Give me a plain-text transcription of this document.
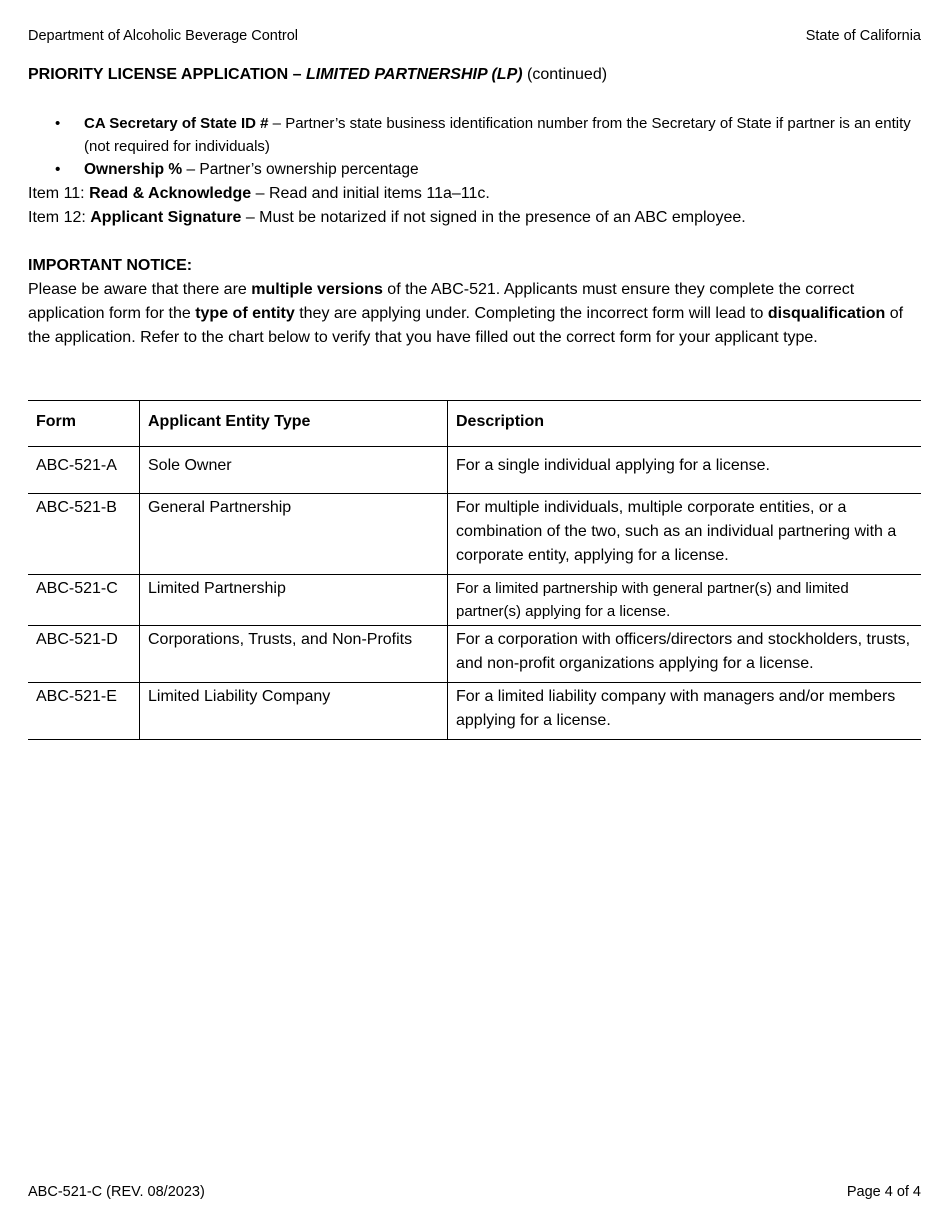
Department of Alcoholic Beverage Control	State of California
PRIORITY LICENSE APPLICATION – LIMITED PARTNERSHIP (LP) (continued)
• CA Secretary of State ID # – Partner’s state business identification number from the Secretary of State if partner is an entity (not required for individuals)
• Ownership % – Partner’s ownership percentage
Item 11: Read & Acknowledge – Read and initial items 11a–11c.
Item 12: Applicant Signature – Must be notarized if not signed in the presence of an ABC employee.
IMPORTANT NOTICE:
Please be aware that there are multiple versions of the ABC-521. Applicants must ensure they complete the correct application form for the type of entity they are applying under. Completing the incorrect form will lead to disqualification of the application. Refer to the chart below to verify that you have filled out the correct form for your applicant type.
Form	Applicant Entity Type	Description
ABC-521-A	Sole Owner	For a single individual applying for a license.
ABC-521-B	General Partnership	For multiple individuals, multiple corporate entities, or a combination of the two, such as an individual partnering with a corporate entity, applying for a license.
ABC-521-C	Limited Partnership	For a limited partnership with general partner(s) and limited partner(s) applying for a license.
ABC-521-D	Corporations, Trusts, and Non-Profits	For a corporation with officers/directors and stockholders, trusts, and non-profit organizations applying for a license.
ABC-521-E	Limited Liability Company	For a limited liability company with managers and/or members applying for a license.
ABC-521-C (REV. 08/2023)	Page 4 of 4
